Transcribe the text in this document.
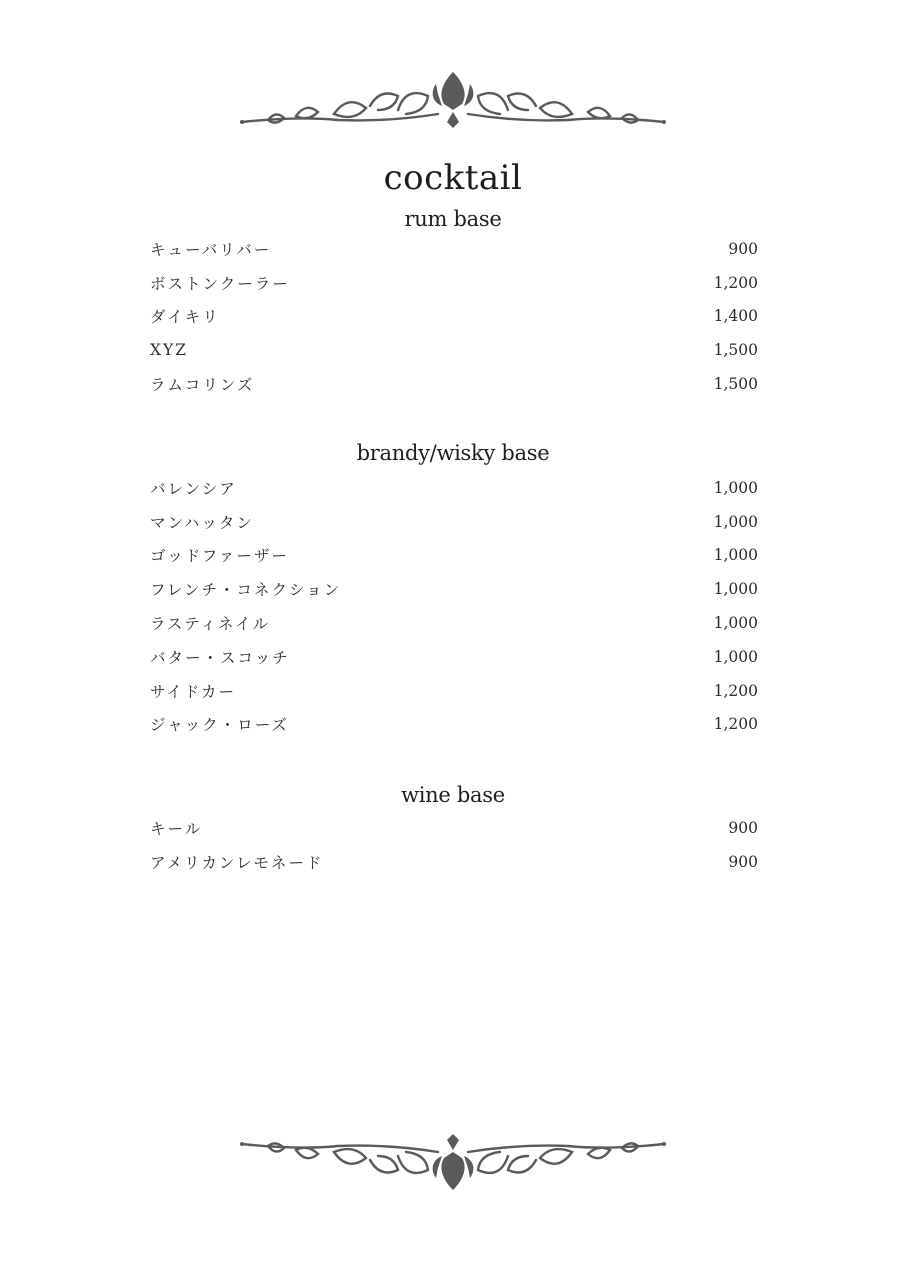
cocktail
rum base
キューバリバー	900
ボストンクーラー	1,200
ダイキリ	1,400
XYZ	1,500
ラムコリンズ	1,500
brandy/wisky base
バレンシア	1,000
マンハッタン	1,000
ゴッドファーザー	1,000
フレンチ・コネクション	1,000
ラスティネイル	1,000
バター・スコッチ	1,000
サイドカー	1,200
ジャック・ローズ	1,200
wine base
キール	900
アメリカンレモネード	900
